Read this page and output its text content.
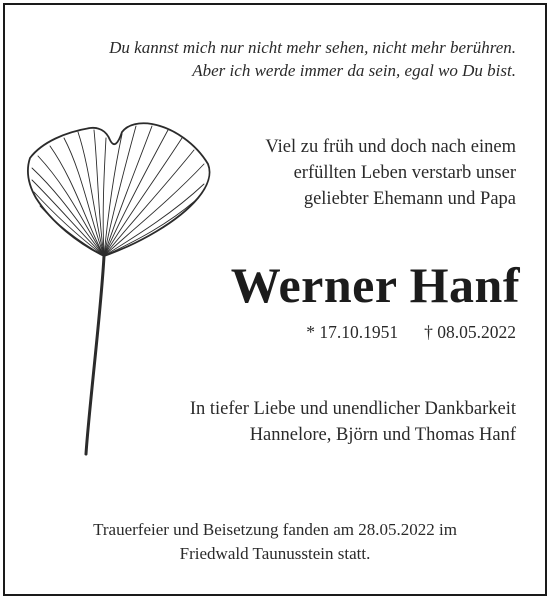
Du kannst mich nur nicht mehr sehen, nicht mehr berühren.
Aber ich werde immer da sein, egal wo Du bist.
Viel zu früh und doch nach einem
erfüllten Leben verstarb unser
geliebter Ehemann und Papa
Werner Hanf
* 17.10.1951 † 08.05.2022
In tiefer Liebe und unendlicher Dankbarkeit
Hannelore, Björn und Thomas Hanf
Trauerfeier und Beisetzung fanden am 28.05.2022 im
Friedwald Taunusstein statt.
